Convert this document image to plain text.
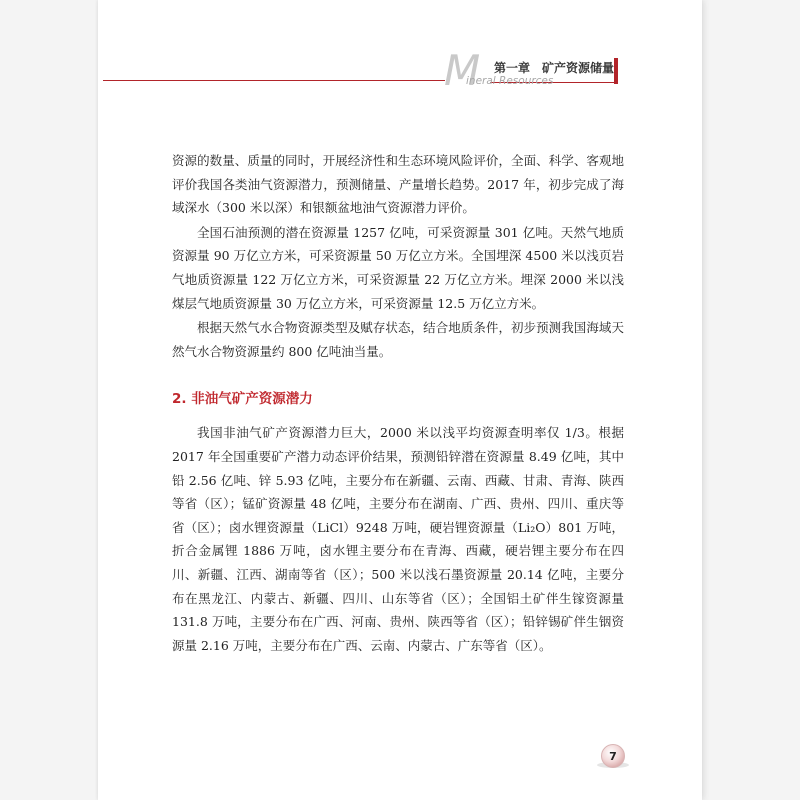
M 第一章　矿产资源储量
ineral Resources

资源的数量、质量的同时，开展经济性和生态环境风险评价，全面、科学、客观地评价我国各类油气资源潜力，预测储量、产量增长趋势。2017 年，初步完成了海域深水（300 米以深）和银额盆地油气资源潜力评价。

全国石油预测的潜在资源量 1257 亿吨，可采资源量 301 亿吨。天然气地质资源量 90 万亿立方米，可采资源量 50 万亿立方米。全国埋深 4500 米以浅页岩气地质资源量 122 万亿立方米，可采资源量 22 万亿立方米。埋深 2000 米以浅煤层气地质资源量 30 万亿立方米，可采资源量 12.5 万亿立方米。

根据天然气水合物资源类型及赋存状态，结合地质条件，初步预测我国海域天然气水合物资源量约 800 亿吨油当量。

2. 非油气矿产资源潜力

我国非油气矿产资源潜力巨大，2000 米以浅平均资源查明率仅 1/3。根据 2017 年全国重要矿产潜力动态评价结果，预测铅锌潜在资源量 8.49 亿吨，其中铅 2.56 亿吨、锌 5.93 亿吨，主要分布在新疆、云南、西藏、甘肃、青海、陕西等省（区）；锰矿资源量 48 亿吨，主要分布在湖南、广西、贵州、四川、重庆等省（区）；卤水锂资源量（LiCl）9248 万吨，硬岩锂资源量（Li₂O）801 万吨，折合金属锂 1886 万吨，卤水锂主要分布在青海、西藏，硬岩锂主要分布在四川、新疆、江西、湖南等省（区）；500 米以浅石墨资源量 20.14 亿吨，主要分布在黑龙江、内蒙古、新疆、四川、山东等省（区）；全国铝土矿伴生镓资源量 131.8 万吨，主要分布在广西、河南、贵州、陕西等省（区）；铅锌锡矿伴生铟资源量 2.16 万吨，主要分布在广西、云南、内蒙古、广东等省（区）。

7
